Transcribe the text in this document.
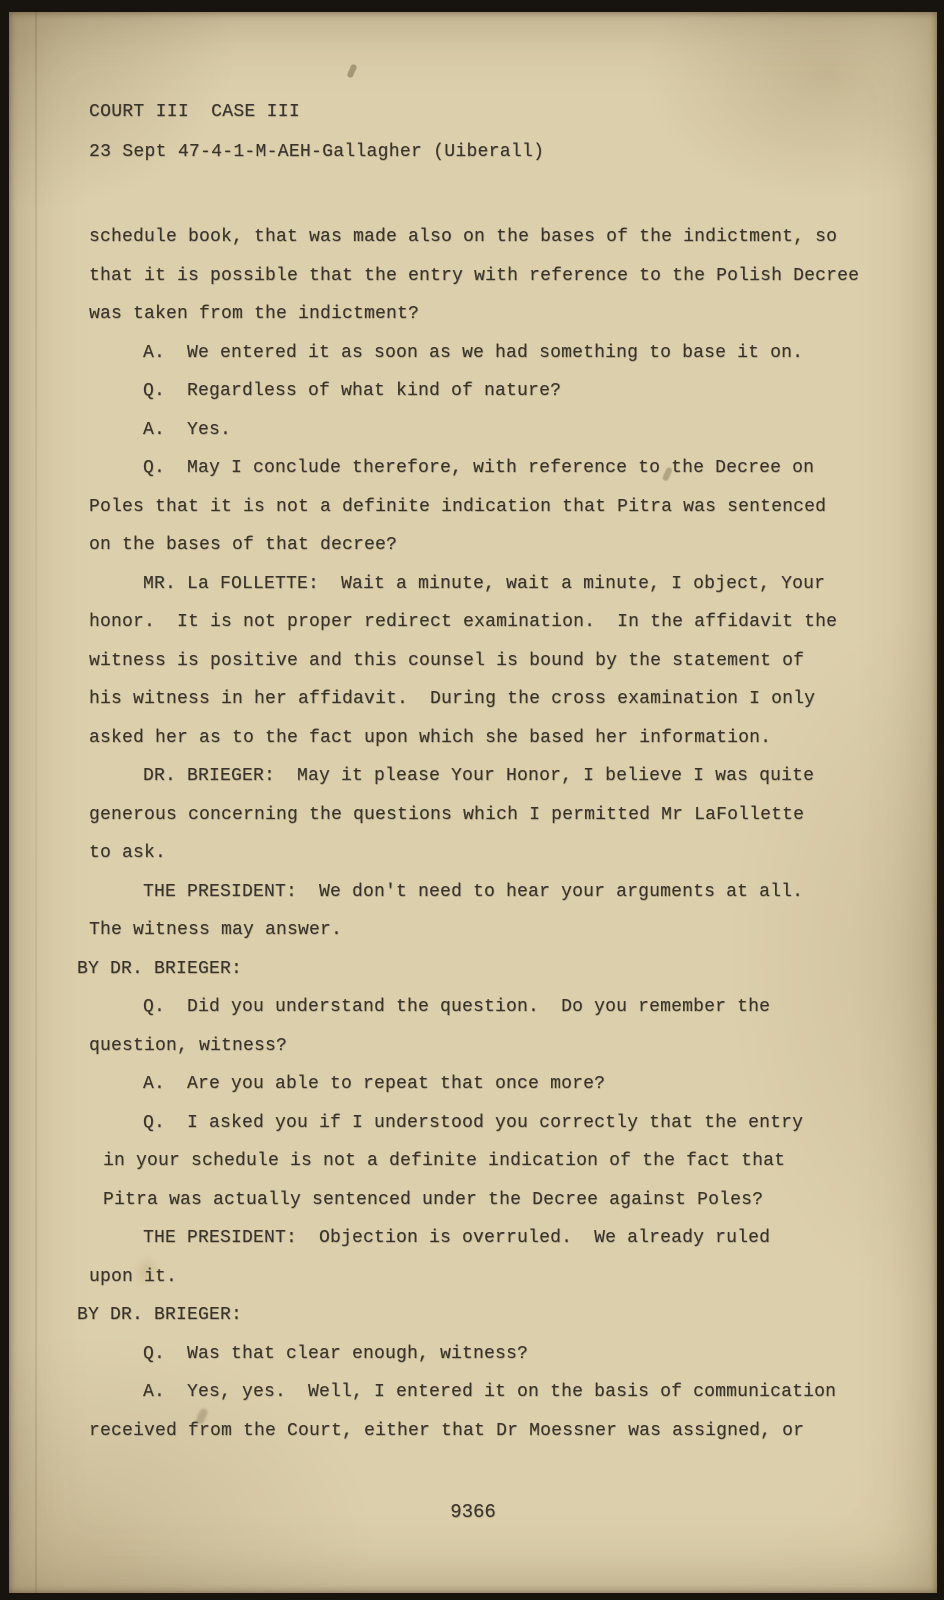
COURT III  CASE III
23 Sept 47-4-1-M-AEH-Gallagher (Uiberall)
schedule book, that was made also on the bases of the indictment, so
that it is possible that the entry with reference to the Polish Decree
was taken from the indictment?
A.  We entered it as soon as we had something to base it on.
Q.  Regardless of what kind of nature?
A.  Yes.
Q.  May I conclude therefore, with reference to the Decree on
Poles that it is not a definite indication that Pitra was sentenced
on the bases of that decree?
MR. La FOLLETTE:  Wait a minute, wait a minute, I object, Your
honor.  It is not proper redirect examination.  In the affidavit the
witness is positive and this counsel is bound by the statement of
his witness in her affidavit.  During the cross examination I only
asked her as to the fact upon which she based her information.
DR. BRIEGER:  May it please Your Honor, I believe I was quite
generous concerning the questions which I permitted Mr LaFollette
to ask.
THE PRESIDENT:  We don't need to hear your arguments at all.
The witness may answer.
BY DR. BRIEGER:
Q.  Did you understand the question.  Do you remember the
question, witness?
A.  Are you able to repeat that once more?
Q.  I asked you if I understood you correctly that the entry
in your schedule is not a definite indication of the fact that
Pitra was actually sentenced under the Decree against Poles?
THE PRESIDENT:  Objection is overruled.  We already ruled
upon it.
BY DR. BRIEGER:
Q.  Was that clear enough, witness?
A.  Yes, yes.  Well, I entered it on the basis of communication
received from the Court, either that Dr Moessner was assigned, or
9366
